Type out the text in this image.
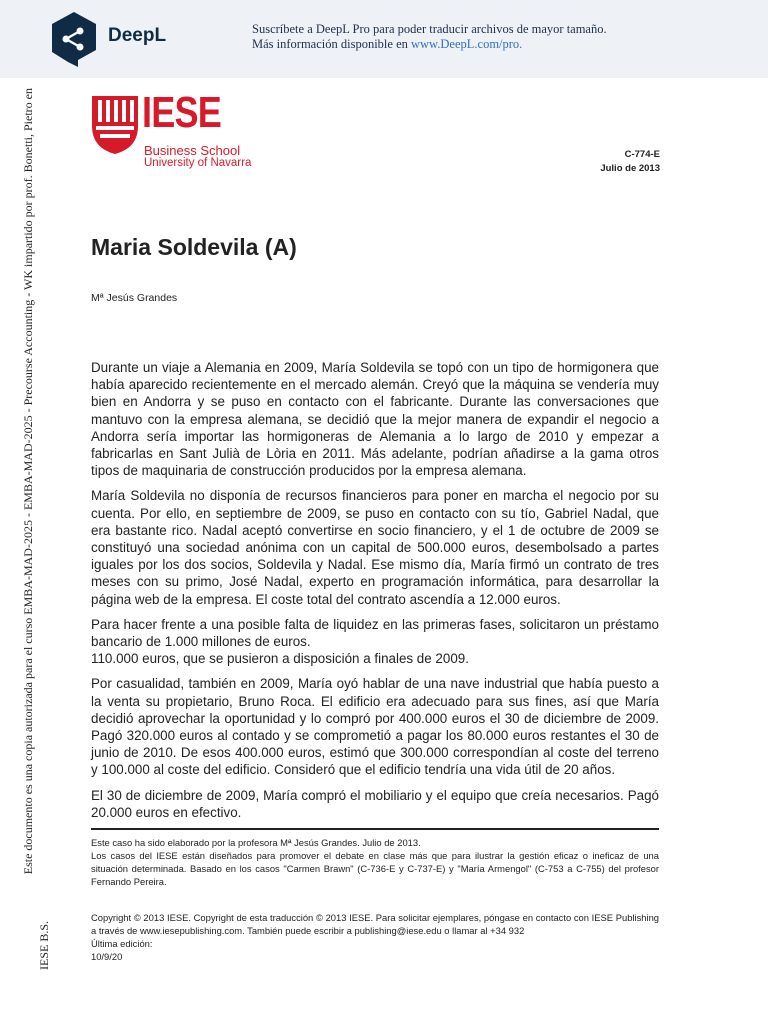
DeepL	Suscríbete a DeepL Pro para poder traducir archivos de mayor tamaño.
Más información disponible en www.DeepL.com/pro.
Este documento es una copia autorizada para el curso EMBA-MAD-2025 - EMBA-MAD-2025 - Precourse Accounting - WK impartido por prof. Bonetti, Pietro en
IESE B.S.
IESE
Business School
University of Navarra
C-774-E
Julio de 2013
Maria Soldevila (A)
Mª Jesús Grandes

Durante un viaje a Alemania en 2009, María Soldevila se topó con un tipo de hormigonera que había aparecido recientemente en el mercado alemán. Creyó que la máquina se vendería muy bien en Andorra y se puso en contacto con el fabricante. Durante las conversaciones que mantuvo con la empresa alemana, se decidió que la mejor manera de expandir el negocio a Andorra sería importar las hormigoneras de Alemania a lo largo de 2010 y empezar a fabricarlas en Sant Julià de Lòria en 2011. Más adelante, podrían añadirse a la gama otros tipos de maquinaria de construcción producidos por la empresa alemana.

María Soldevila no disponía de recursos financieros para poner en marcha el negocio por su cuenta. Por ello, en septiembre de 2009, se puso en contacto con su tío, Gabriel Nadal, que era bastante rico. Nadal aceptó convertirse en socio financiero, y el 1 de octubre de 2009 se constituyó una sociedad anónima con un capital de 500.000 euros, desembolsado a partes iguales por los dos socios, Soldevila y Nadal. Ese mismo día, María firmó un contrato de tres meses con su primo, José Nadal, experto en programación informática, para desarrollar la página web de la empresa. El coste total del contrato ascendía a 12.000 euros.

Para hacer frente a una posible falta de liquidez en las primeras fases, solicitaron un préstamo bancario de 1.000 millones de euros.

110.000 euros, que se pusieron a disposición a finales de 2009.

Por casualidad, también en 2009, María oyó hablar de una nave industrial que había puesto a la venta su propietario, Bruno Roca. El edificio era adecuado para sus fines, así que María decidió aprovechar la oportunidad y lo compró por 400.000 euros el 30 de diciembre de 2009. Pagó 320.000 euros al contado y se comprometió a pagar los 80.000 euros restantes el 30 de junio de 2010. De esos 400.000 euros, estimó que 300.000 correspondían al coste del terreno y 100.000 al coste del edificio. Consideró que el edificio tendría una vida útil de 20 años.

El 30 de diciembre de 2009, María compró el mobiliario y el equipo que creía necesarios. Pagó 20.000 euros en efectivo.

Este caso ha sido elaborado por la profesora Mª Jesús Grandes. Julio de 2013.

Los casos del IESE están diseñados para promover el debate en clase más que para ilustrar la gestión eficaz o ineficaz de una situación determinada. Basado en los casos "Carmen Brawn" (C-736-E y C-737-E) y "María Armengol" (C-753 a C-755) del profesor Fernando Pereira.

Copyright © 2013 IESE. Copyright de esta traducción © 2013 IESE. Para solicitar ejemplares, póngase en contacto con IESE Publishing a través de www.iesepublishing.com. También puede escribir a publishing@iese.edu o llamar al +34 932

Última edición:

10/9/20
